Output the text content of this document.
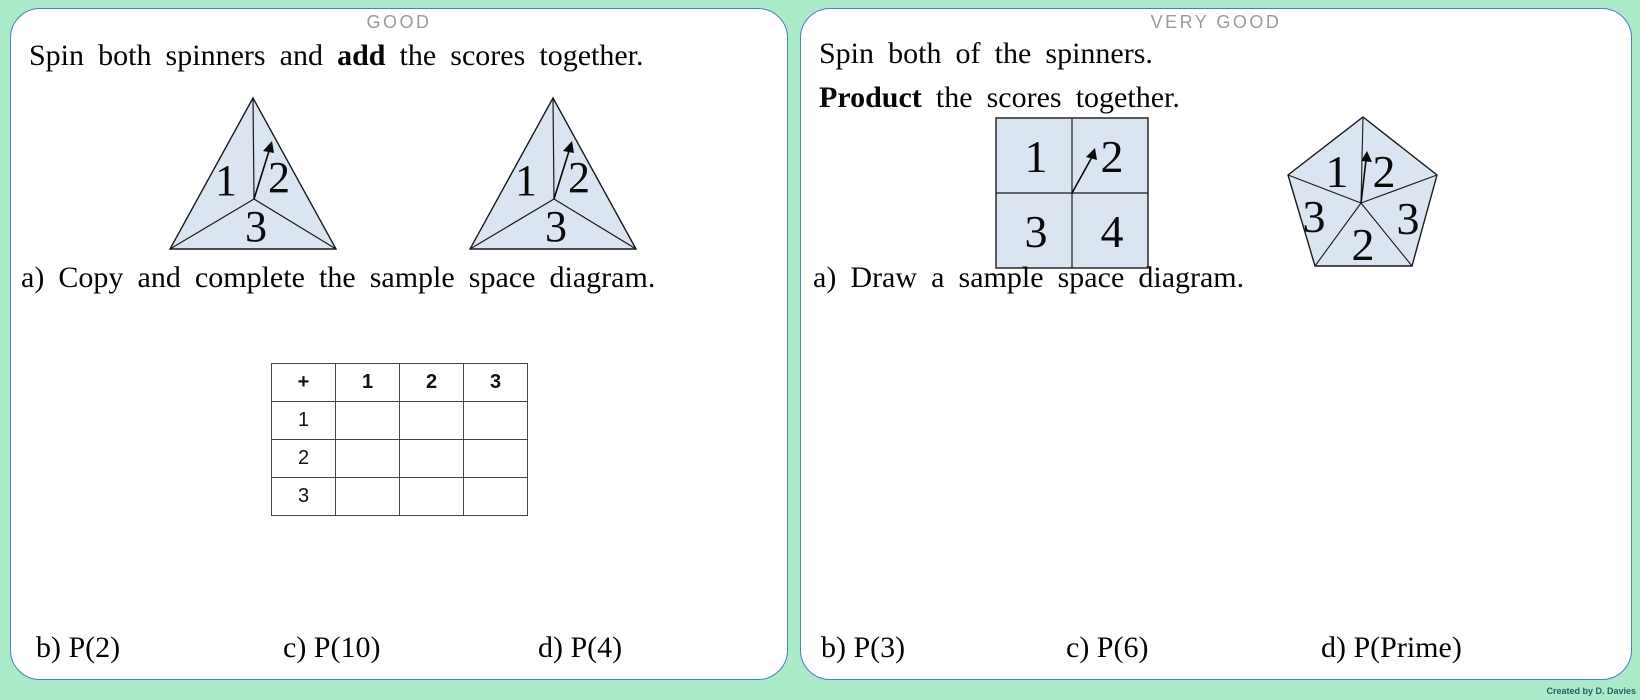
GOOD

Spin both spinners and add the scores together.

1 2
3
1 2
3

a) Copy and complete the sample space diagram.

+	1	2	3
1			
2			
3			
b) P(2)	c) P(10)	d) P(4)
VERY GOOD

Spin both of the spinners.

Product the scores together.

1 2
3 4
1 2
3 3
2

a) Draw a sample space diagram.

b) P(3)	c) P(6)	d) P(Prime)
Created by D. Davies
